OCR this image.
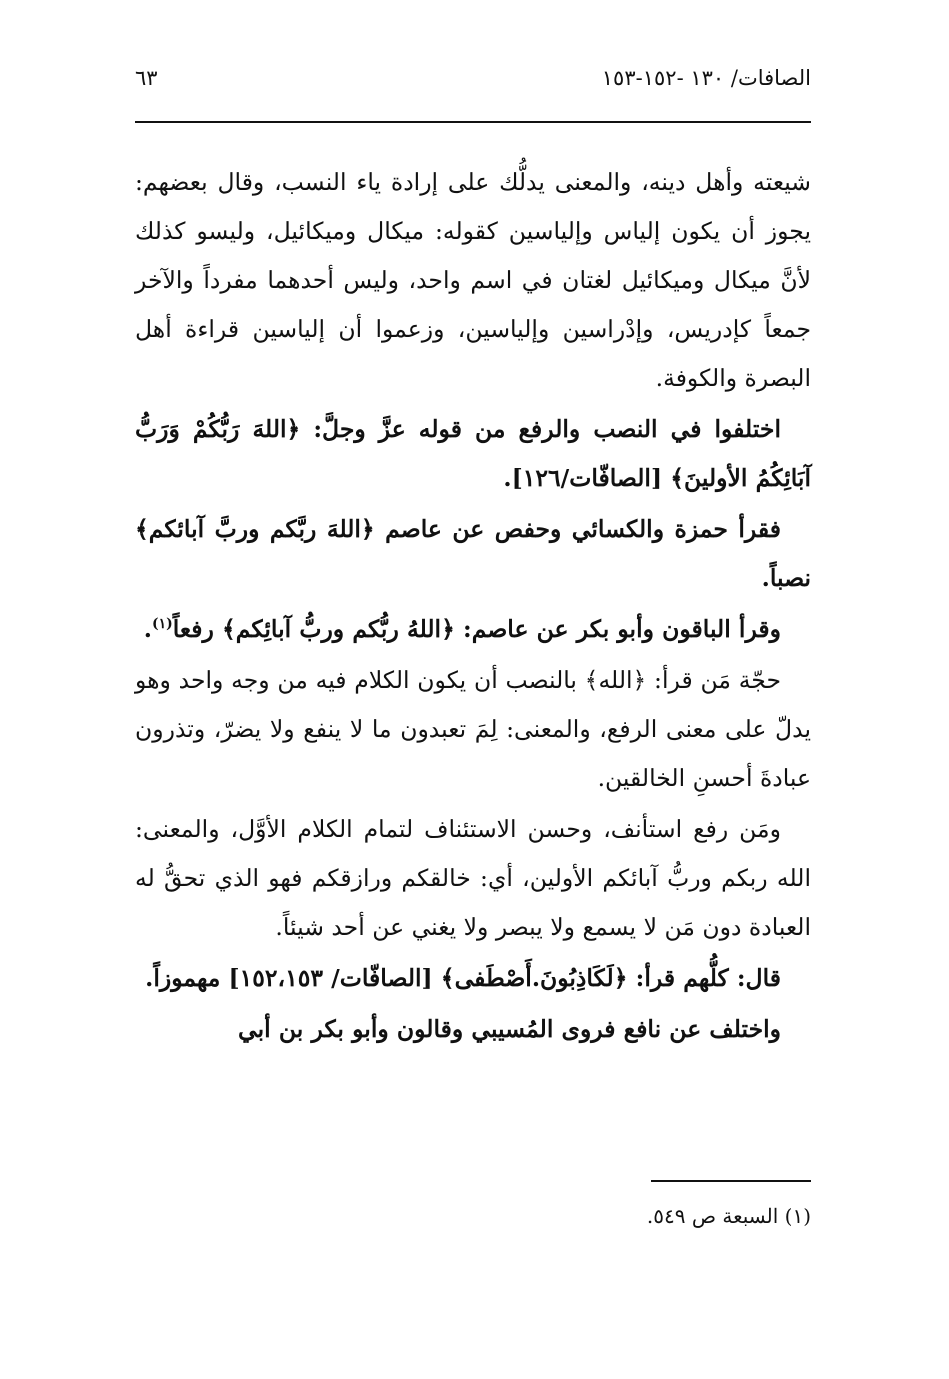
الصافات/ ١٣٠ -١٥٢-١٥٣
٦٣

شيعته وأهل دينه، والمعنى يدلُّك على إرادة ياء النسب، وقال بعضهم: يجوز أن يكون إلياس وإلياسين كقوله: ميكال وميكائيل، وليسو كذلك لأنَّ ميكال وميكائيل لغتان في اسم واحد، وليس أحدهما مفرداً والآخر جمعاً كإدريس، وإدْراسين وإلياسين، وزعموا أن إلياسين قراءة أهل البصرة والكوفة.

اختلفوا في النصب والرفع من قوله عزَّ وجلَّ: ﴿اللهَ رَبُّكُمْ وَرَبُّ آبَائِكُمُ الأولينَ﴾ [الصافّات/١٢٦].

فقرأ حمزة والكسائي وحفص عن عاصم ﴿اللهَ ربَّكم وربَّ آبائكم﴾ نصباً.

وقرأ الباقون وأبو بكر عن عاصم: ﴿اللهُ ربُّكم وربُّ آبائِكم﴾ رفعاً$^{(١)}$.

حجّة مَن قرأ: ﴿الله﴾ بالنصب أن يكون الكلام فيه من وجه واحد وهو يدلّ على معنى الرفع، والمعنى: لِمَ تعبدون ما لا ينفع ولا يضرّ، وتذرون عبادةَ أحسنِ الخالقين.

ومَن رفع استأنف، وحسن الاستئناف لتمام الكلام الأوَّل، والمعنى: الله ربكم وربُّ آبائكم الأولين، أي: خالقكم ورازقكم فهو الذي تحقُّ له العبادة دون مَن لا يسمع ولا يبصر ولا يغني عن أحد شيئاً.

قال: كلُّهم قرأ: ﴿لَكَاذِبُونَ.أَصْطَفى﴾ [الصافّات/ ١٥٢،١٥٣] مهموزاً.

واختلف عن نافع فروى المُسيبي وقالون وأبو بكر بن أبي

(١) السبعة ص ٥٤٩.
